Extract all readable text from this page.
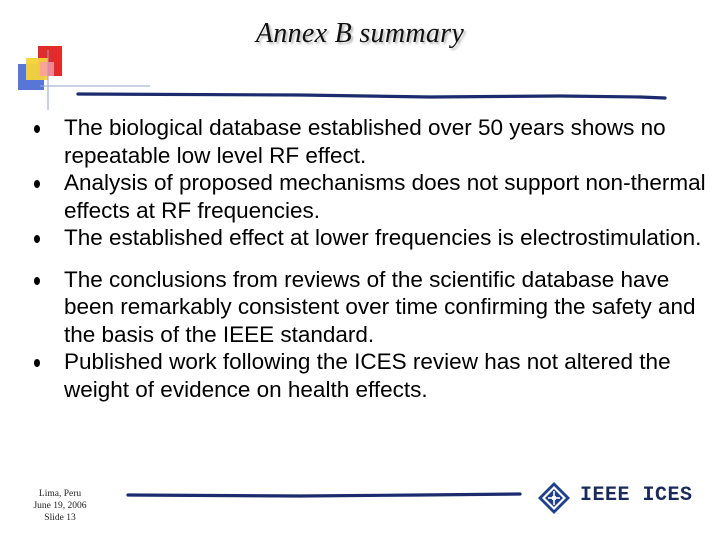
Annex B summary
The biological database established over 50 years shows no repeatable low level RF effect.
Analysis of proposed mechanisms does not support non-thermal effects at RF frequencies.
The established effect at lower frequencies is electrostimulation.
The conclusions from reviews of the scientific database have been remarkably consistent over time confirming the safety and the basis of the IEEE standard.
Published work following the ICES review has not altered the weight of evidence on health effects.
Lima, Peru
June 19, 2006
Slide 13
IEEE ICES
